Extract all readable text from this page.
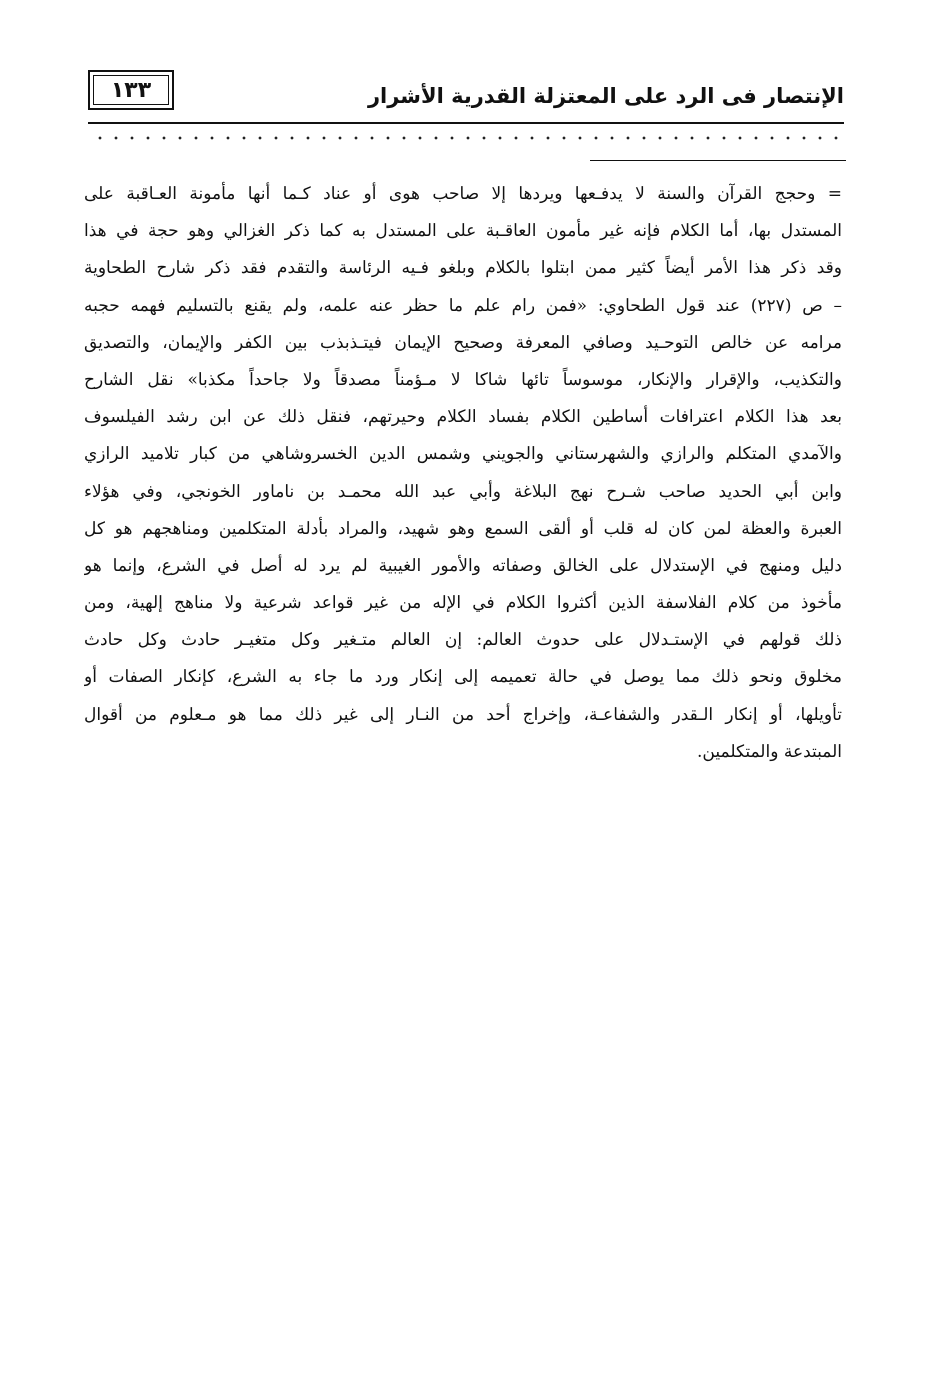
الإنتصار فى الرد على المعتزلة القدرية الأشرار
١٣٣
= وحجج القرآن والسنة لا يدفـعها ويردها إلا صاحب هوى أو عناد كـما أنها مأمونة العـاقبة على
المستدل بها، أما الكلام فإنه غير مأمون العاقـبة على المستدل به كما ذكر الغزالي وهو حجة في هذا
وقد ذكر هذا الأمر أيضاً كثير ممن ابتلوا بالكلام وبلغو فـيه الرئاسة والتقدم فقد ذكر شارح الطحاوية
– ص (٢٢٧) عند قول الطحاوي: «فمن رام علم ما حظر عنه علمه، ولم يقنع بالتسليم فهمه حجبه
مرامه عن خالص التوحـيد وصافي المعرفة وصحيح الإيمان فيتـذبذب بين الكفر والإيمان، والتصديق
والتكذيب، والإقرار والإنكار، موسوساً تائها شاكا لا مـؤمناً مصدقاً ولا جاحداً مكذبا» نقل الشارح
بعد هذا الكلام اعترافات أساطين الكلام بفساد الكلام وحيرتهم، فنقل ذلك عن ابن رشد الفيلسوف
والآمدي المتكلم والرازي والشهرستاني والجويني وشمس الدين الخسروشاهي من كبار تلاميد الرازي
وابن أبي الحديد صاحب شـرح نهج البلاغة وأبي عبد الله محمـد بن ناماور الخونجي، وفي هؤلاء
العبرة والعظة لمن كان له قلب أو ألقى السمع وهو شهيد، والمراد بأدلة المتكلمين ومناهجهم هو كل
دليل ومنهج في الإستدلال على الخالق وصفاته والأمور الغيبية لم يرد له أصل في الشرع، وإنما هو
مأخوذ من كلام الفلاسفة الذين أكثروا الكلام في الإله من غير قواعد شرعية ولا مناهج إلهية، ومن
ذلك قولهم في الإستـدلال على حدوث العالم: إن العالم متـغير وكل متغيـر حادث وكل حادث
مخلوق ونحو ذلك مما يوصل في حالة تعميمه إلى إنكار ورد ما جاء به الشرع، كإنكار الصفات أو
تأويلها، أو إنكار الـقدر والشفاعـة، وإخراج أحد من النـار إلى غير ذلك مما هو مـعلوم من أقوال
المبتدعة والمتكلمين.
